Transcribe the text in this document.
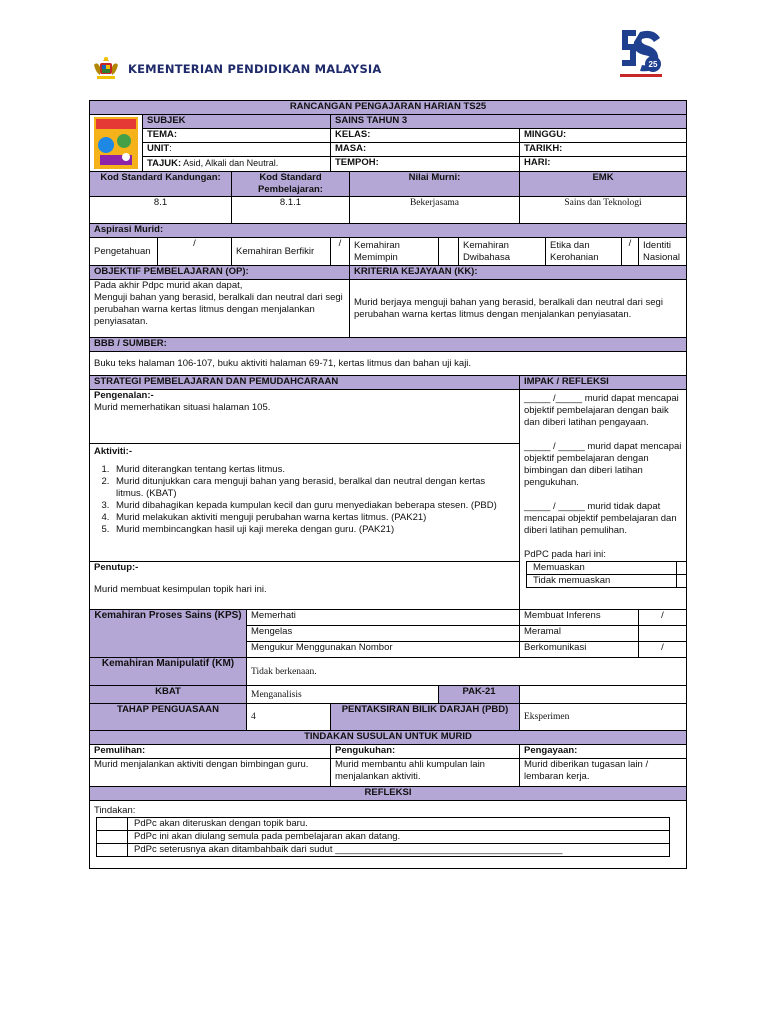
KEMENTERIAN PENDIDIKAN MALAYSIA	25
RANCANGAN PENGAJARAN HARIAN TS25

	SUBJEK	SAINS TAHUN 3
TEMA:	KELAS:	MINGGU:
UNIT:	MASA:	TARIKH:
TAJUK: Asid, Alkali dan Neutral.	TEMPOH:	HARI:
Kod Standard Kandungan:	Kod Standard Pembelajaran:	Nilai Murni:	EMK
8.1	8.1.1	Bekerjasama	Sains dan Teknologi
Aspirasi Murid:
Pengetahuan	/	Kemahiran Berfikir	/	Kemahiran Memimpin		Kemahiran Dwibahasa	Etika dan Kerohanian	/	Identiti Nasional
OBJEKTIF PEMBELAJARAN (OP):	KRITERIA KEJAYAAN (KK):

Pada akhir Pdpc murid akan dapat,
Menguji bahan yang berasid, beralkali dan neutral dari segi perubahan warna kertas litmus dengan menjalankan penyiasatan.
	Murid berjaya menguji bahan yang berasid, beralkali dan neutral dari segi perubahan warna kertas litmus dengan menjalankan penyiasatan.
BBB / SUMBER:
Buku teks halaman 106-107, buku aktiviti halaman 69-71, kertas litmus dan bahan uji kaji.
STRATEGI PEMBELAJARAN DAN PEMUDAHCARAAN	IMPAK / REFLEKSI

Pengenalan:-
Murid memerhatikan situasi halaman 105.

_____ /_____ murid dapat mencapai objektif pembelajaran dengan baik dan diberi latihan pengayaan.
_____ / _____ murid dapat mencapai objektif pembelajaran dengan bimbingan dan diberi latihan pengukuhan.
_____ / _____ murid tidak dapat mencapai objektif pembelajaran dan diberi latihan pemulihan.
PdPC pada hari ini:
Memuaskan	
Tidak memuaskan	

Aktiviti:-
1. Murid diterangkan tentang kertas litmus.
2. Murid ditunjukkan cara menguji bahan yang berasid, beralkal dan neutral dengan kertas litmus. (KBAT)
3. Murid dibahagikan kepada kumpulan kecil dan guru menyediakan beberapa stesen. (PBD)
4. Murid melakukan aktiviti menguji perubahan warna kertas litmus. (PAK21)
5. Murid membincangkan hasil uji kaji mereka dengan guru. (PAK21)

Penutup:-
Murid membuat kesimpulan topik hari ini.

Kemahiran Proses Sains (KPS)	Memerhati	Membuat Inferens	/
Mengelas	Meramal	
Mengukur Menggunakan Nombor	Berkomunikasi	/
Kemahiran Manipulatif (KM)	Tidak berkenaan.
KBAT	Menganalisis	PAK-21	
TAHAP PENGUASAAN	4	PENTAKSIRAN BILIK DARJAH (PBD)	Eksperimen
TINDAKAN SUSULAN UNTUK MURID
Pemulihan:	Pengukuhan:	Pengayaan:
Murid menjalankan aktiviti dengan bimbingan guru.	Murid membantu ahli kumpulan lain menjalankan aktiviti.	Murid diberikan tugasan lain / lembaran kerja.
REFLEKSI

Tindakan:
	PdPc akan diteruskan dengan topik baru.
	PdPc ini akan diulang semula pada pembelajaran akan datang.
	PdPc seterusnya akan ditambahbaik dari sudut ___________________________________________
